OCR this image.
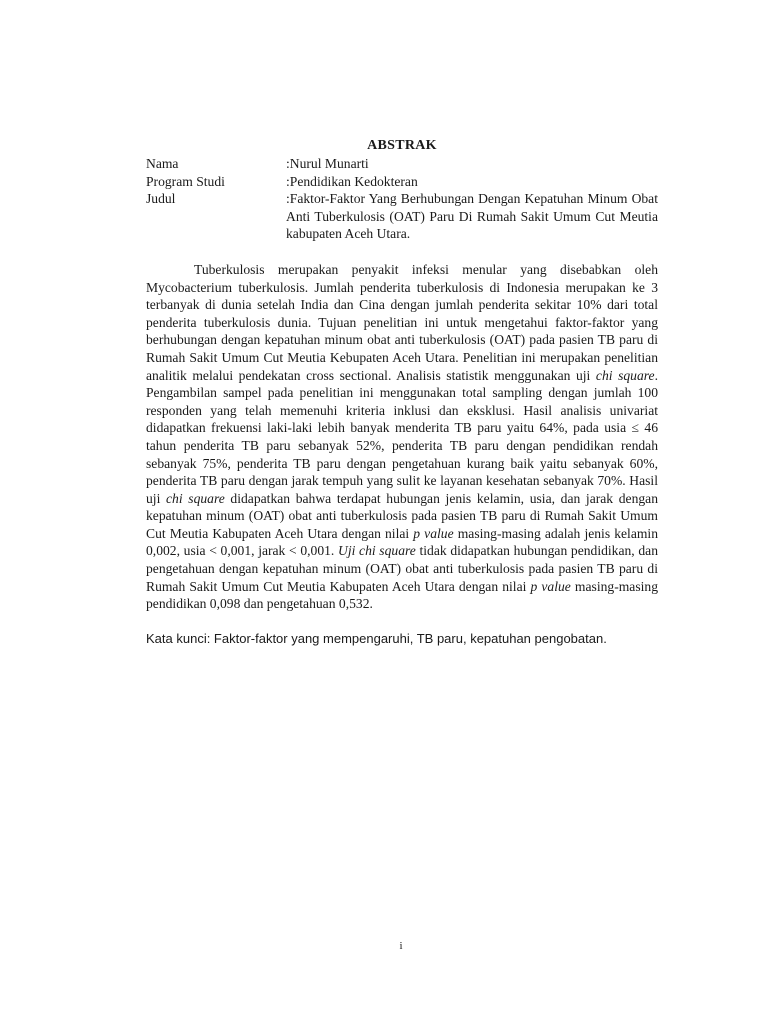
ABSTRAK
Nama	:Nurul Munarti
Program Studi	:Pendidikan Kedokteran
Judul	:Faktor-Faktor Yang Berhubungan Dengan Kepatuhan Minum Obat Anti Tuberkulosis (OAT) Paru Di Rumah Sakit Umum Cut Meutia kabupaten Aceh Utara.

Tuberkulosis merupakan penyakit infeksi menular yang disebabkan oleh Mycobacterium tuberkulosis. Jumlah penderita tuberkulosis di Indonesia merupakan ke 3 terbanyak di dunia setelah India dan Cina dengan jumlah penderita sekitar 10% dari total penderita tuberkulosis dunia. Tujuan penelitian ini untuk mengetahui faktor-faktor yang berhubungan dengan kepatuhan minum obat anti tuberkulosis (OAT) pada pasien TB paru di Rumah Sakit Umum Cut Meutia Kebupaten Aceh Utara. Penelitian ini merupakan penelitian analitik melalui pendekatan cross sectional. Analisis statistik menggunakan uji chi square. Pengambilan sampel pada penelitian ini menggunakan total sampling dengan jumlah 100 responden yang telah memenuhi kriteria inklusi dan eksklusi. Hasil analisis univariat didapatkan frekuensi laki-laki lebih banyak menderita TB paru yaitu 64%, pada usia ≤ 46 tahun penderita TB paru sebanyak 52%, penderita TB paru dengan pendidikan rendah sebanyak 75%, penderita TB paru dengan pengetahuan kurang baik yaitu sebanyak 60%, penderita TB paru dengan jarak tempuh yang sulit ke layanan kesehatan sebanyak 70%. Hasil uji chi square didapatkan bahwa terdapat hubungan jenis kelamin, usia, dan jarak dengan kepatuhan minum (OAT) obat anti tuberkulosis pada pasien TB paru di Rumah Sakit Umum Cut Meutia Kabupaten Aceh Utara dengan nilai p value masing-masing adalah jenis kelamin 0,002, usia < 0,001, jarak < 0,001. Uji chi square tidak didapatkan hubungan pendidikan, dan pengetahuan dengan kepatuhan minum (OAT) obat anti tuberkulosis pada pasien TB paru di Rumah Sakit Umum Cut Meutia Kabupaten Aceh Utara dengan nilai p value masing-masing pendidikan 0,098 dan pengetahuan 0,532.

Kata kunci: Faktor-faktor yang mempengaruhi, TB paru, kepatuhan pengobatan.

i
